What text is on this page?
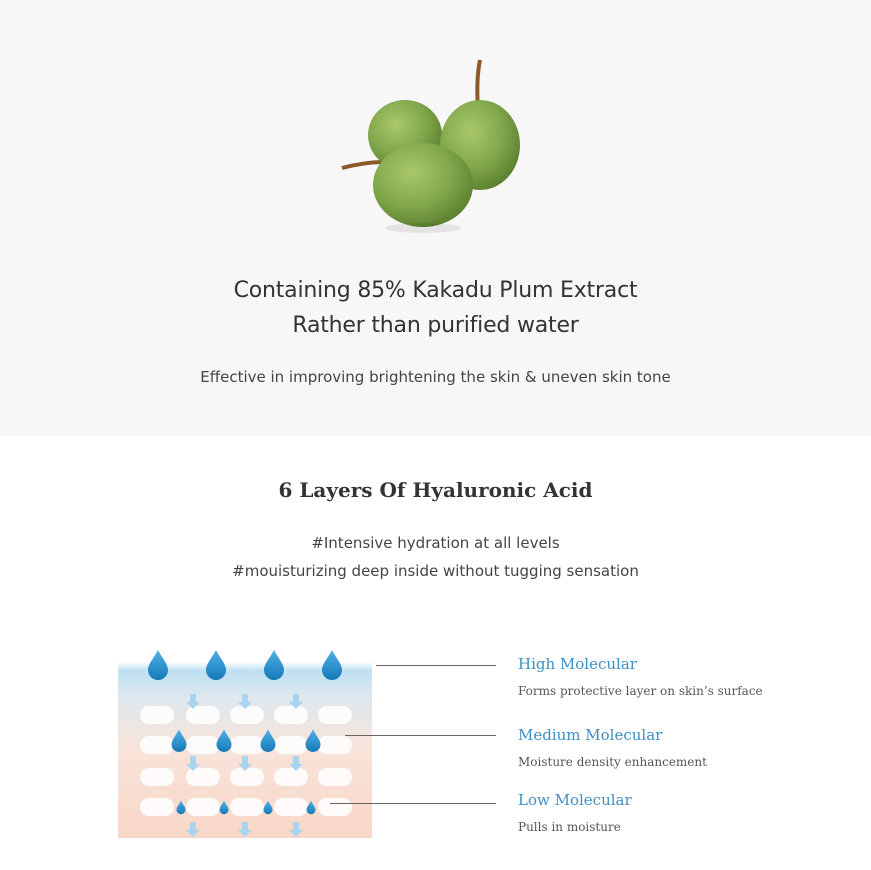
Containing 85% Kakadu Plum Extract
Rather than purified water
Effective in improving brightening the skin & uneven skin tone
6 Layers Of Hyaluronic Acid
#Intensive hydration at all levels
#mouisturizing deep inside without tugging sensation
High Molecular
Forms protective layer on skin’s surface
Medium Molecular
Moisture density enhancement
Low Molecular
Pulls in moisture
